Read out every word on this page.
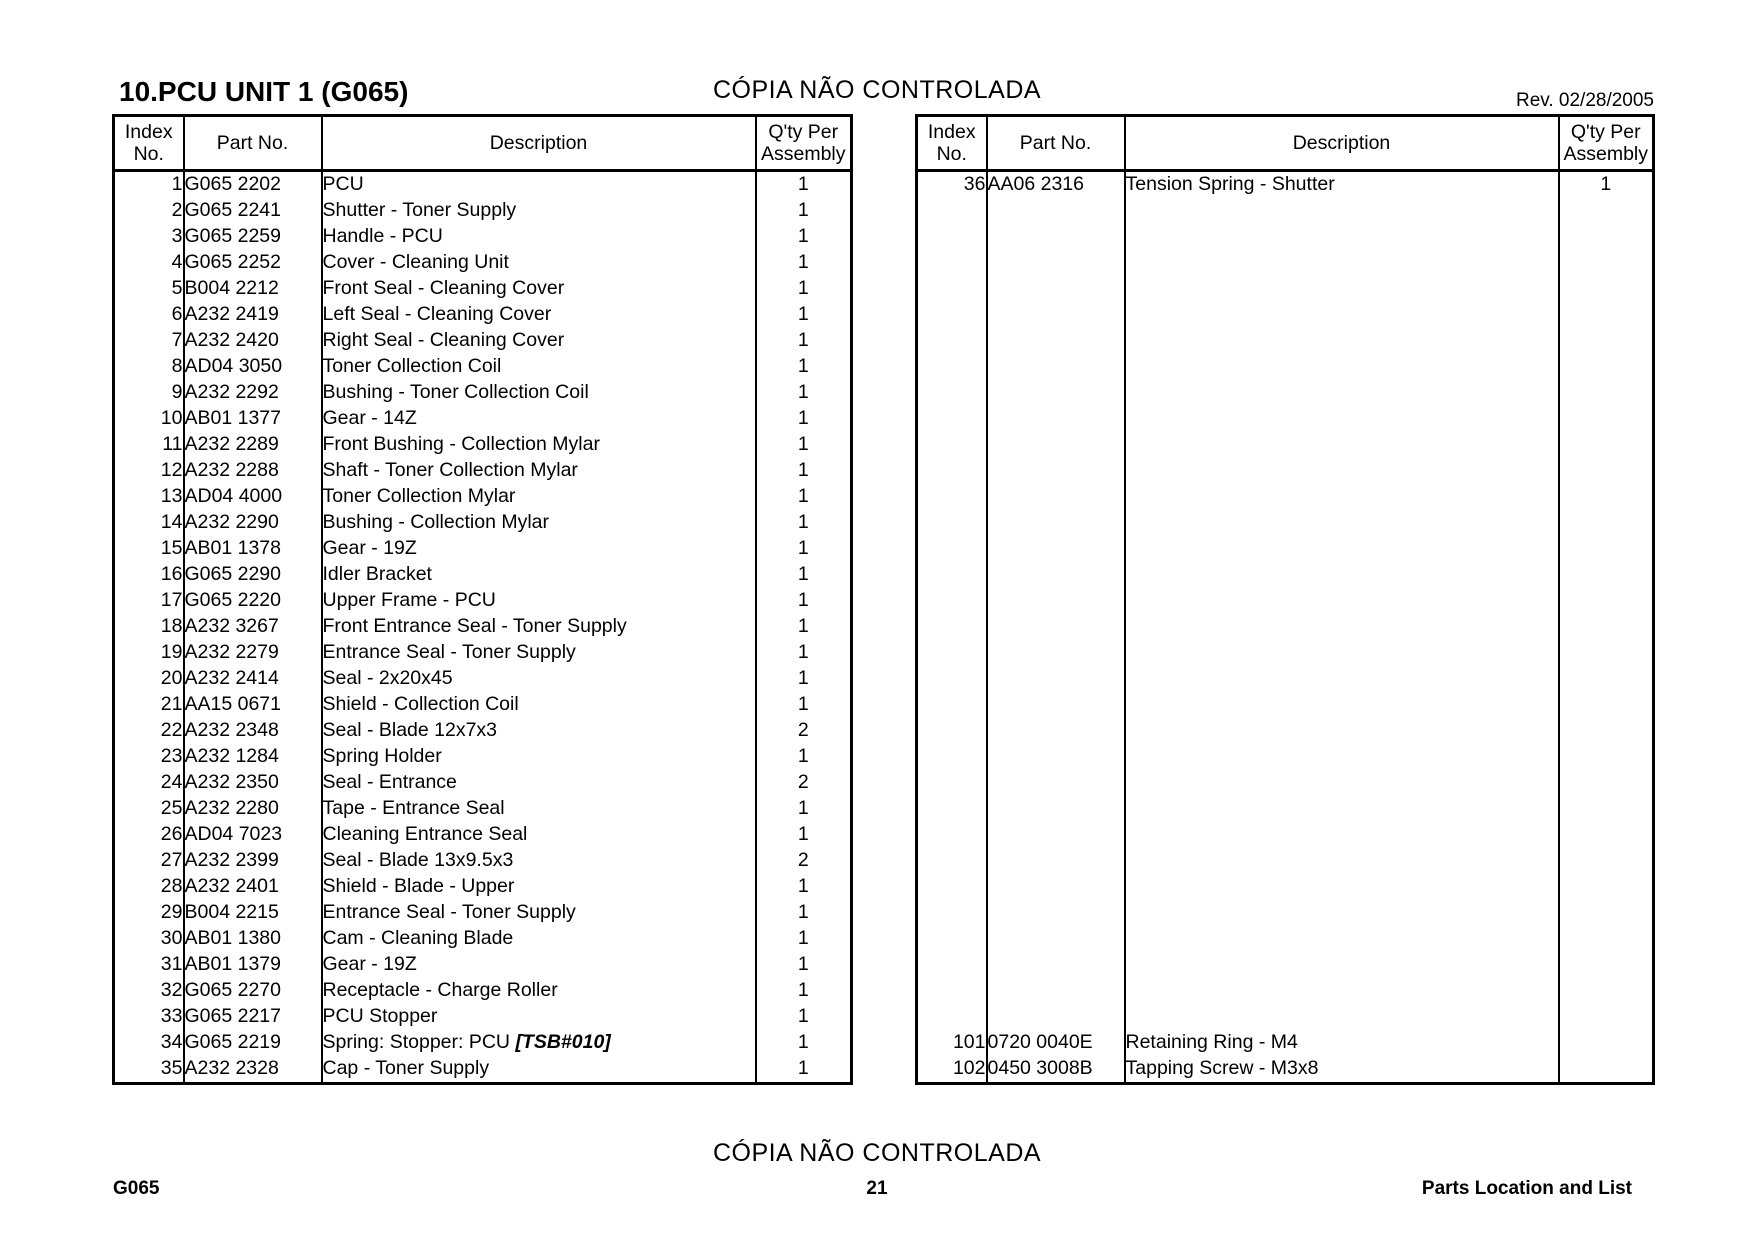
10.PCU UNIT 1 (G065)	CÓPIA NÃO CONTROLADA	Rev. 02/28/2005
Index
No.	Part No.	Description	Q'ty Per
Assembly
1	G065 2202	PCU	1
2	G065 2241	Shutter - Toner Supply	1
3	G065 2259	Handle - PCU	1
4	G065 2252	Cover - Cleaning Unit	1
5	B004 2212	Front Seal - Cleaning Cover	1
6	A232 2419	Left Seal - Cleaning Cover	1
7	A232 2420	Right Seal - Cleaning Cover	1
8	AD04 3050	Toner Collection Coil	1
9	A232 2292	Bushing - Toner Collection Coil	1
10	AB01 1377	Gear - 14Z	1
11	A232 2289	Front Bushing - Collection Mylar	1
12	A232 2288	Shaft - Toner Collection Mylar	1
13	AD04 4000	Toner Collection Mylar	1
14	A232 2290	Bushing - Collection Mylar	1
15	AB01 1378	Gear - 19Z	1
16	G065 2290	Idler Bracket	1
17	G065 2220	Upper Frame - PCU	1
18	A232 3267	Front Entrance Seal - Toner Supply	1
19	A232 2279	Entrance Seal - Toner Supply	1
20	A232 2414	Seal - 2x20x45	1
21	AA15 0671	Shield - Collection Coil	1
22	A232 2348	Seal - Blade 12x7x3	2
23	A232 1284	Spring Holder	1
24	A232 2350	Seal - Entrance	2
25	A232 2280	Tape - Entrance Seal	1
26	AD04 7023	Cleaning Entrance Seal	1
27	A232 2399	Seal - Blade 13x9.5x3	2
28	A232 2401	Shield - Blade - Upper	1
29	B004 2215	Entrance Seal - Toner Supply	1
30	AB01 1380	Cam - Cleaning Blade	1
31	AB01 1379	Gear - 19Z	1
32	G065 2270	Receptacle - Charge Roller	1
33	G065 2217	PCU Stopper	1
34	G065 2219	Spring: Stopper: PCU [TSB#010]	1
35	A232 2328	Cap - Toner Supply	1
Index
No.	Part No.	Description	Q'ty Per
Assembly
36	AA06 2316	Tension Spring - Shutter	1

101	0720 0040E	Retaining Ring - M4	
102	0450 3008B	Tapping Screw - M3x8	
CÓPIA NÃO CONTROLADA
G065	21	Parts Location and List
